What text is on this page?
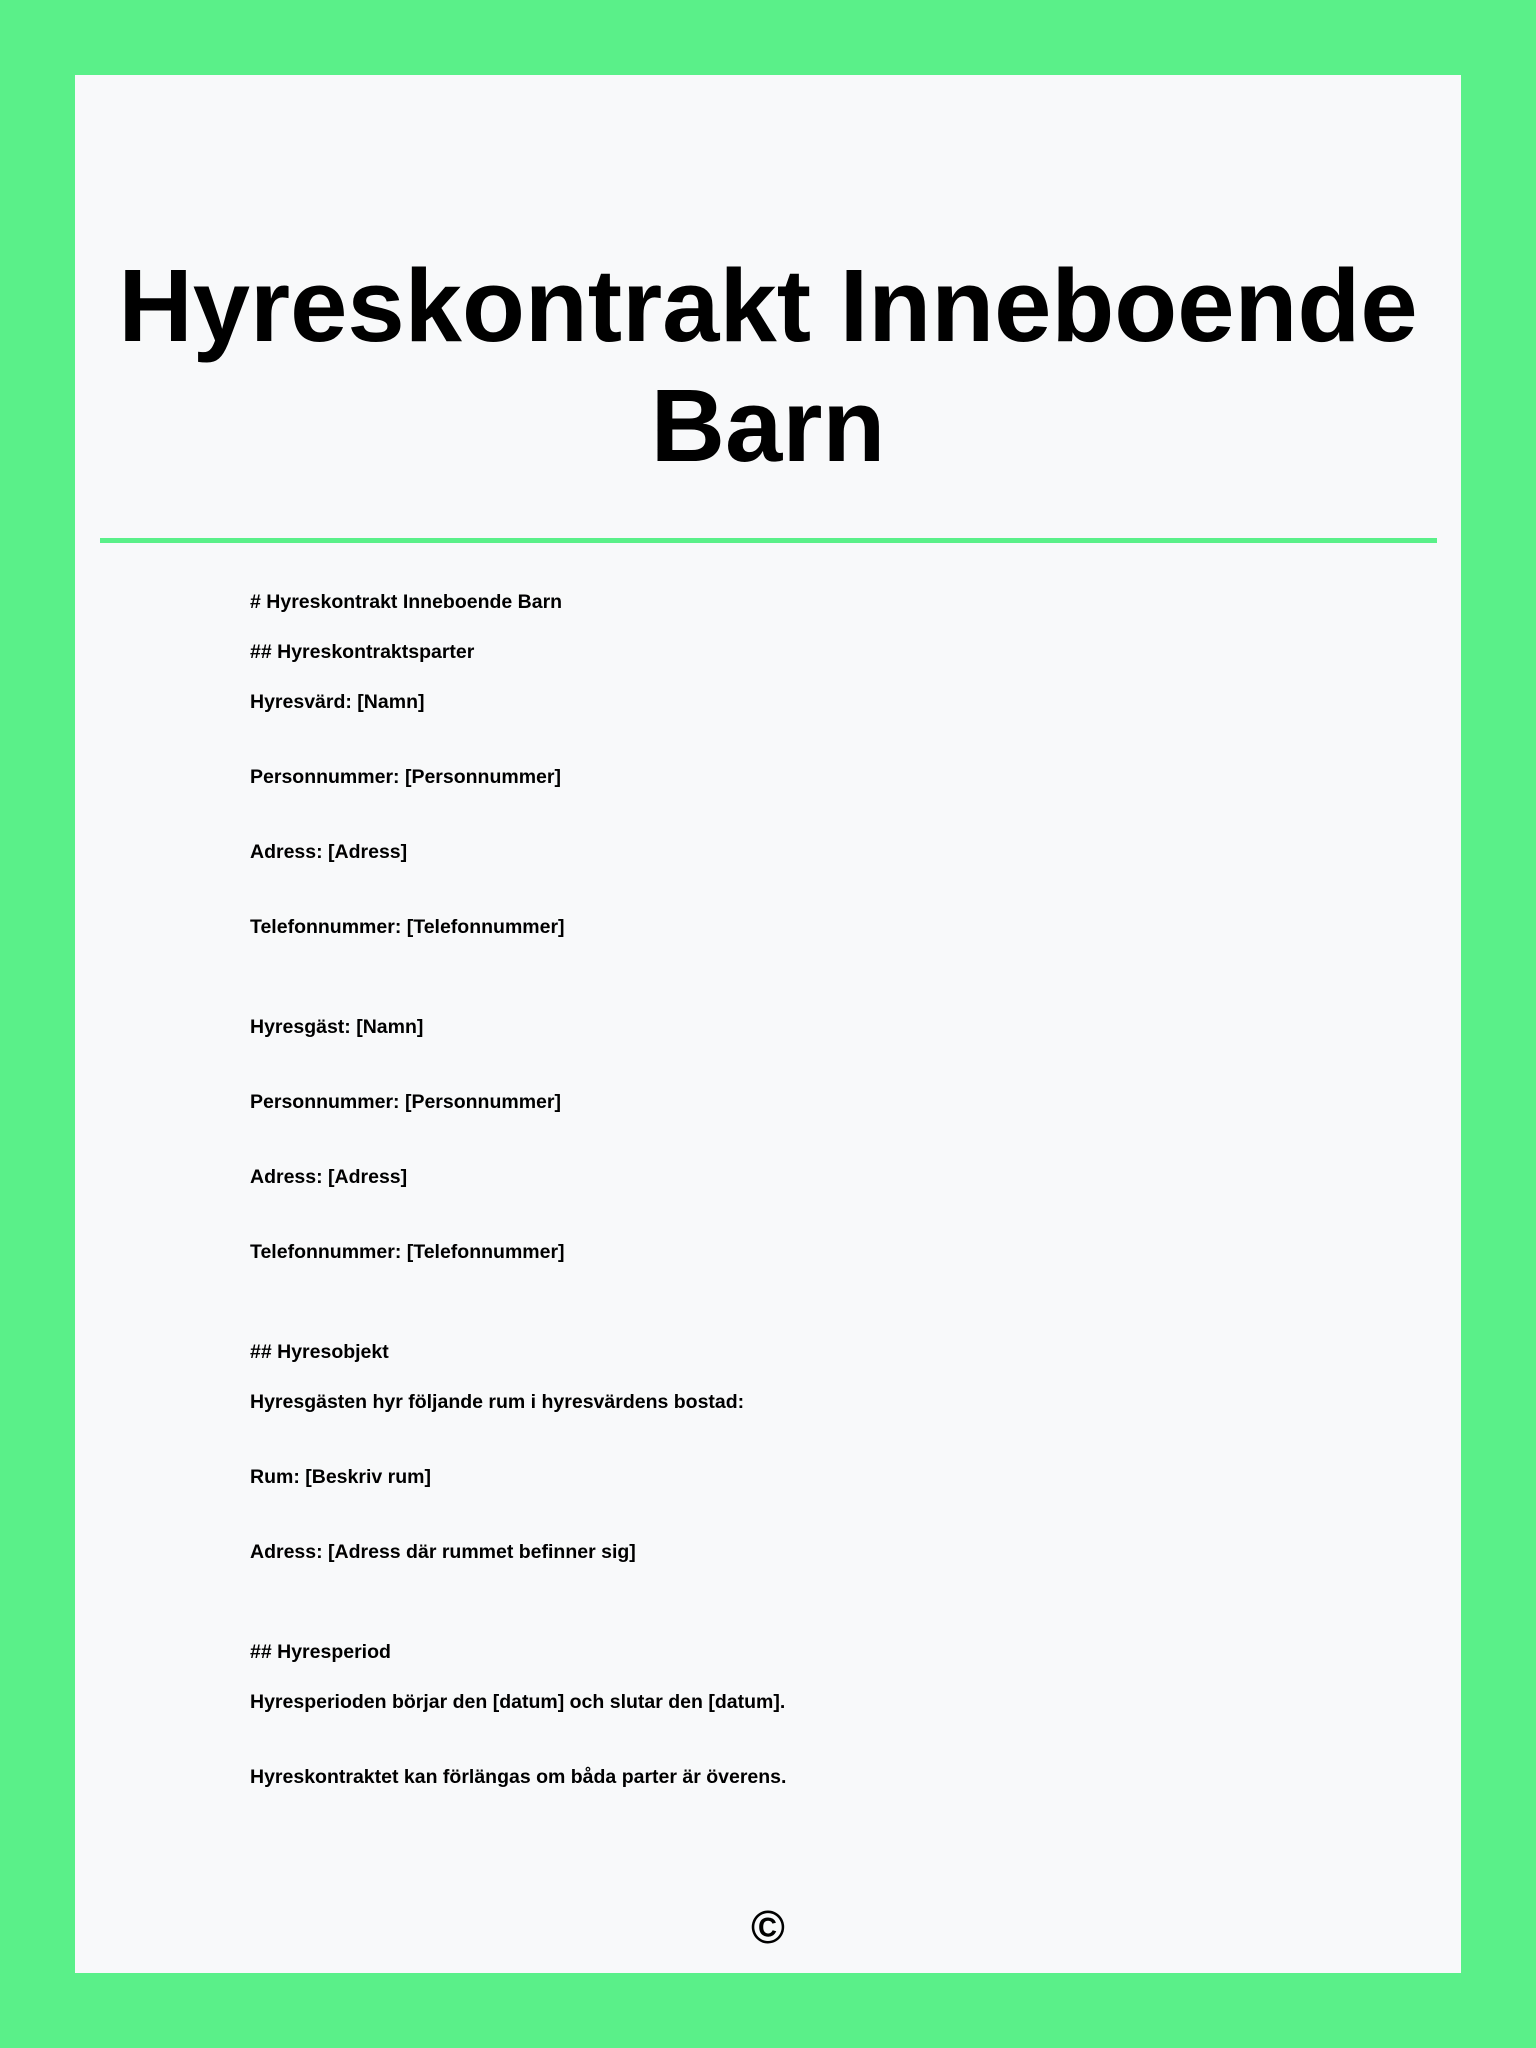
Hyreskontrakt Inneboende Barn
# Hyreskontrakt Inneboende Barn
## Hyreskontraktsparter
Hyresvärd: [Namn]
Personnummer: [Personnummer]
Adress: [Adress]
Telefonnummer: [Telefonnummer]
Hyresgäst: [Namn]
Personnummer: [Personnummer]
Adress: [Adress]
Telefonnummer: [Telefonnummer]
## Hyresobjekt
Hyresgästen hyr följande rum i hyresvärdens bostad:
Rum: [Beskriv rum]
Adress: [Adress där rummet befinner sig]
## Hyresperiod
Hyresperioden börjar den [datum] och slutar den [datum].
Hyreskontraktet kan förlängas om båda parter är överens.
©
